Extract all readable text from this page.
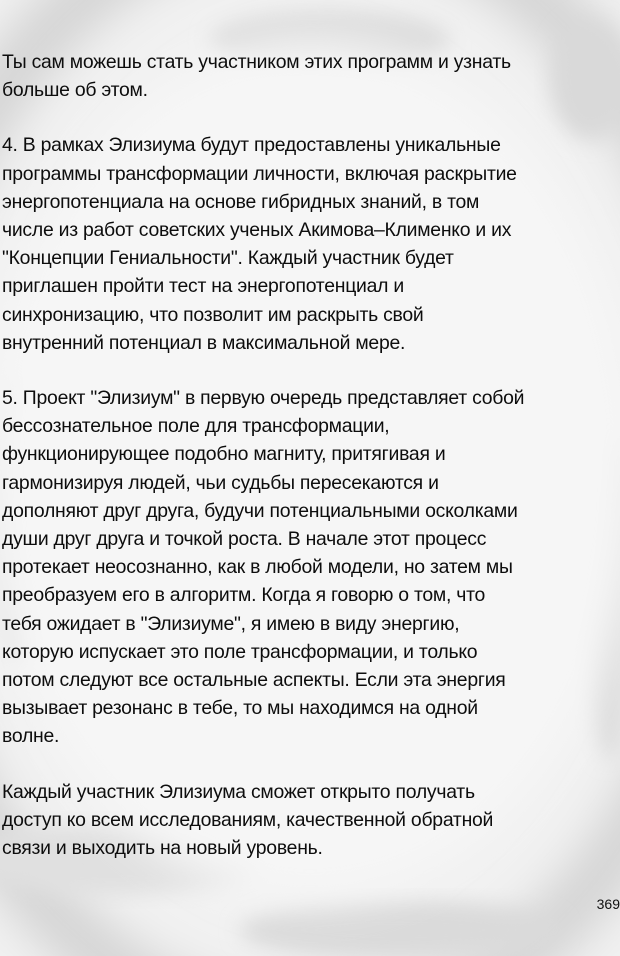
Ты сам можешь стать участником этих программ и узнать
больше об этом.

4. В рамках Элизиума будут предоставлены уникальные
программы трансформации личности, включая раскрытие
энергопотенциала на основе гибридных знаний, в том
числе из работ советских ученых Акимова–Клименко и их
"Концепции Гениальности". Каждый участник будет
приглашен пройти тест на энергопотенциал и
синхронизацию, что позволит им раскрыть свой
внутренний потенциал в максимальной мере.

5. Проект "Элизиум" в первую очередь представляет собой
бессознательное поле для трансформации,
функционирующее подобно магниту, притягивая и
гармонизируя людей, чьи судьбы пересекаются и
дополняют друг друга, будучи потенциальными осколками
души друг друга и точкой роста. В начале этот процесс
протекает неосознанно, как в любой модели, но затем мы
преобразуем его в алгоритм. Когда я говорю о том, что
тебя ожидает в "Элизиуме", я имею в виду энергию,
которую испускает это поле трансформации, и только
потом следуют все остальные аспекты. Если эта энергия
вызывает резонанс в тебе, то мы находимся на одной
волне.

Каждый участник Элизиума сможет открыто получать
доступ ко всем исследованиям, качественной обратной
связи и выходить на новый уровень.

369
